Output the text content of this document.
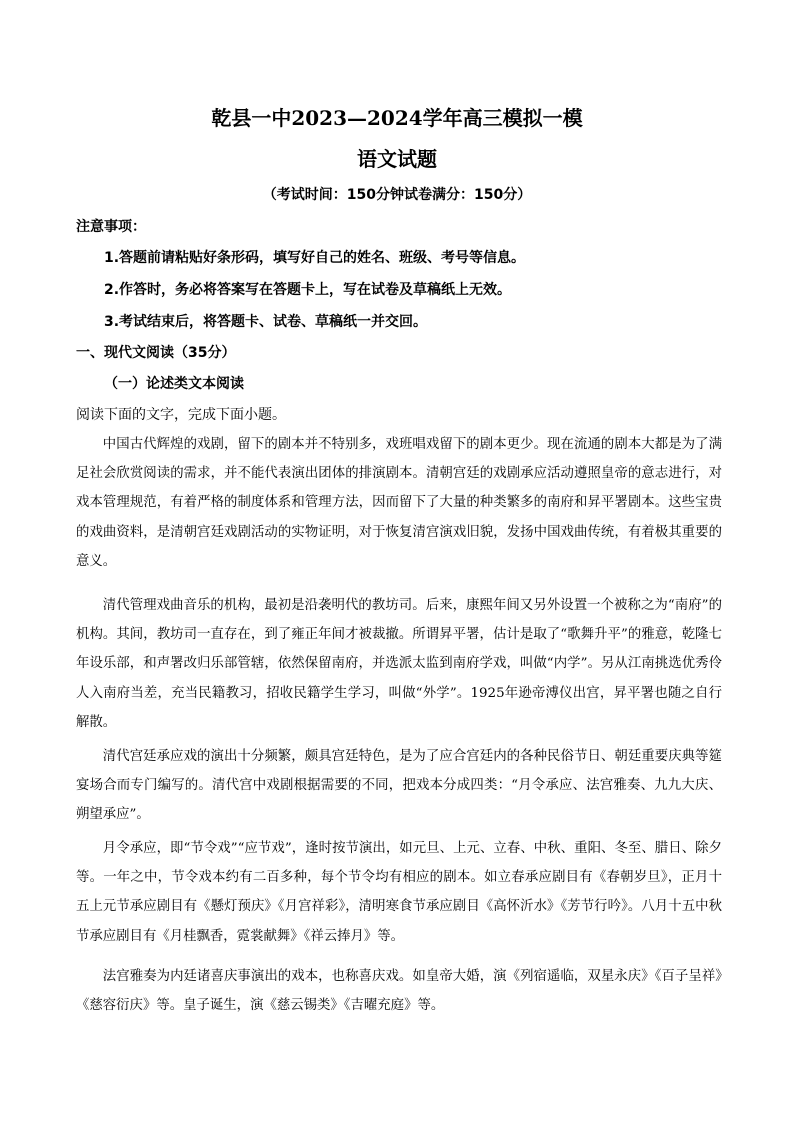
乾县一中2023—2024学年高三模拟一模
语文试题
（考试时间：150分钟试卷满分：150分）
注意事项：
1.答题前请粘贴好条形码，填写好自己的姓名、班级、考号等信息。
2.作答时，务必将答案写在答题卡上，写在试卷及草稿纸上无效。
3.考试结束后，将答题卡、试卷、草稿纸一并交回。
一、现代文阅读（35分）
（一）论述类文本阅读
阅读下面的文字，完成下面小题。

中国古代辉煌的戏剧，留下的剧本并不特别多，戏班唱戏留下的剧本更少。现在流通的剧本大都是为了满足社会欣赏阅读的需求，并不能代表演出团体的排演剧本。清朝宫廷的戏剧承应活动遵照皇帝的意志进行，对戏本管理规范，有着严格的制度体系和管理方法，因而留下了大量的种类繁多的南府和昇平署剧本。这些宝贵的戏曲资料，是清朝宫廷戏剧活动的实物证明，对于恢复清宫演戏旧貌，发扬中国戏曲传统，有着极其重要的意义。

清代管理戏曲音乐的机构，最初是沿袭明代的教坊司。后来，康熙年间又另外设置一个被称之为“南府”的机构。其间，教坊司一直存在，到了雍正年间才被裁撤。所谓昇平署，估计是取了“歌舞升平”的雅意，乾隆七年设乐部，和声署改归乐部管辖，依然保留南府，并选派太监到南府学戏，叫做“内学”。另从江南挑选优秀伶人入南府当差，充当民籍教习，招收民籍学生学习，叫做“外学”。1925年逊帝溥仪出宫，昇平署也随之自行解散。

清代宫廷承应戏的演出十分频繁，颇具宫廷特色，是为了应合宫廷内的各种民俗节日、朝廷重要庆典等筵宴场合而专门编写的。清代宫中戏剧根据需要的不同，把戏本分成四类：“月令承应、法宫雅奏、九九大庆、朔望承应”。

月令承应，即“节令戏”“应节戏”，逢时按节演出，如元旦、上元、立春、中秋、重阳、冬至、腊日、除夕等。一年之中，节令戏本约有二百多种，每个节令均有相应的剧本。如立春承应剧目有《春朝岁旦》，正月十五上元节承应剧目有《懸灯预庆》《月宫祥彩》，清明寒食节承应剧目《高怀沂水》《芳节行吟》。八月十五中秋节承应剧目有《月桂飘香，霓裳献舞》《祥云捧月》等。

法宫雅奏为内廷诸喜庆事演出的戏本，也称喜庆戏。如皇帝大婚，演《列宿遥临，双星永庆》《百子呈祥》《慈容衍庆》等。皇子诞生，演《慈云锡类》《吉曜充庭》等。
